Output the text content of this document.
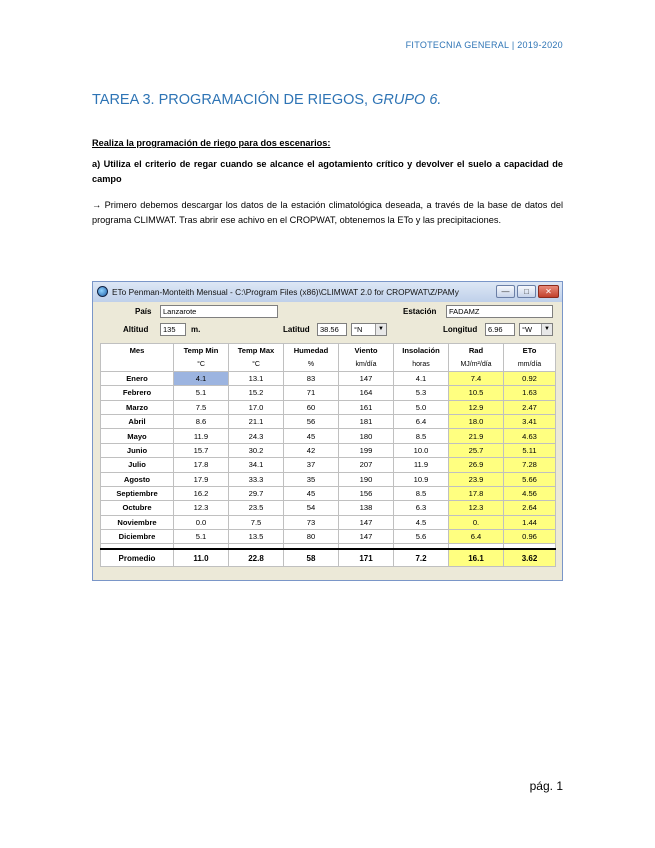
FITOTECNIA GENERAL | 2019-2020
TAREA 3. PROGRAMACIÓN DE RIEGOS, GRUPO 6.
Realiza la programación de riego para dos escenarios:
a) Utiliza el criterio de regar cuando se alcance el agotamiento crítico y devolver el suelo a capacidad de campo
→ Primero debemos descargar los datos de la estación climatológica deseada, a través de la base de datos del programa CLIMWAT. Tras abrir ese achivo en el CROPWAT, obtenemos la ETo y las precipitaciones.
ETo Penman-Monteith Mensual - C:\Program Files (x86)\CLIMWAT 2.0 for CROPWAT\Z/PAMy	—	□	✕
País	Lanzarote	Estación	FADAMZ
Altitud	135	m.	Latitud	38.56	°N	▼	Longitud	6.96	°W	▼
Mes	Temp Min	Temp Max	Humedad	Viento	Insolación	Rad	ETo
	°C	°C	%	km/día	horas	MJ/m²/día	mm/día
Enero	4.1	13.1	83	147	4.1	7.4	0.92
Febrero	5.1	15.2	71	164	5.3	10.5	1.63
Marzo	7.5	17.0	60	161	5.0	12.9	2.47
Abril	8.6	21.1	56	181	6.4	18.0	3.41
Mayo	11.9	24.3	45	180	8.5	21.9	4.63
Junio	15.7	30.2	42	199	10.0	25.7	5.11
Julio	17.8	34.1	37	207	11.9	26.9	7.28
Agosto	17.9	33.3	35	190	10.9	23.9	5.66
Septiembre	16.2	29.7	45	156	8.5	17.8	4.56
Octubre	12.3	23.5	54	138	6.3	12.3	2.64
Noviembre	0.0	7.5	73	147	4.5	0.	1.44
Diciembre	5.1	13.5	80	147	5.6	6.4	0.96

Promedio	11.0	22.8	58	171	7.2	16.1	3.62
pág. 1
